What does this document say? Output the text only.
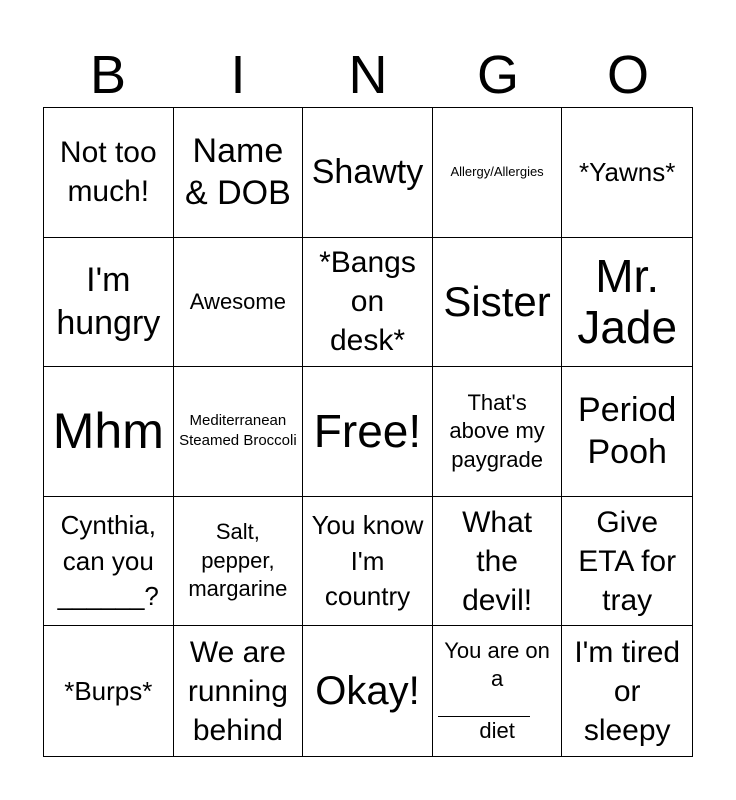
B	I	N	G	O
Not too much!
Name & DOB
Shawty Allergy/Allergies *Yawns*
I'm hungry
Awesome
*Bangs on desk*
Sister Mr. Jade
Mhm	Mediterranean Steamed Broccoli Free!
That's above my paygrade
Period Pooh
Cynthia, can you ______?
Salt, pepper, margarine
You know I'm country
What the devil!
Give ETA for tray
*Burps*
We are running behind
Okay!
You are on a
diet
I'm tired or sleepy
